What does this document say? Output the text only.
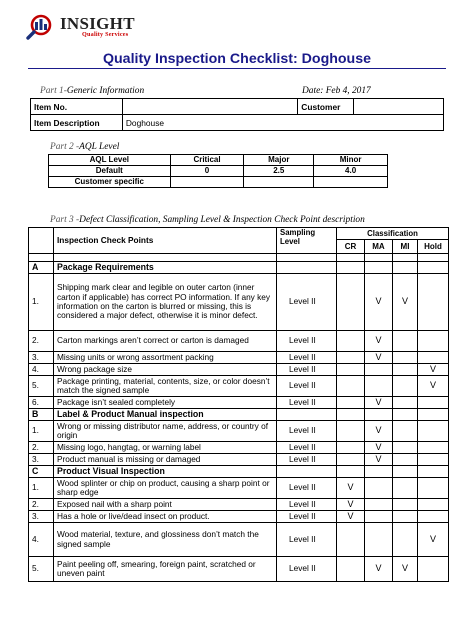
INSIGHT
Quality Services
Quality Inspection Checklist: Doghouse
Part 1-Generic Information	Date: Feb 4, 2017
Item No.		Customer	
Item Description	Doghouse		
Part 2 -AQL Level
AQL Level	Critical	Major	Minor
Default	0	2.5	4.0
Customer specific			
Part 3 -Defect Classification, Sampling Level & Inspection Check Point description
	Inspection Check Points	Sampling Level	Classification			
			CR	MA	MI	Hold

A	Package Requirements					
1.	Shipping mark clear and legible on outer carton (inner carton if applicable) has correct PO information. If any key information on the carton is blurred or missing, this is considered a major defect, otherwise it is minor defect.	Level II		V	V	
2.	Carton markings aren’t correct or carton is damaged	Level II		V		
3.	Missing units or wrong assortment packing	Level II		V		
4.	Wrong package size	Level II				V
5.	Package printing, material, contents, size, or color doesn’t match the signed sample	Level II				V
6.	Package isn’t sealed completely	Level II		V		
B	Label & Product Manual inspection					
1.	Wrong or missing distributor name, address, or country of origin	Level II		V		
2.	Missing logo, hangtag, or warning label	Level II		V		
3.	Product manual is missing or damaged	Level II		V		
C	Product Visual Inspection					
1.	Wood splinter or chip on product, causing a sharp point or sharp edge	Level II	V			
2.	Exposed nail with a sharp point	Level II	V			
3.	Has a hole or live/dead insect on product.	Level II	V			
4.	Wood material, texture, and glossiness don’t match the signed sample	Level II				V
5.	Paint peeling off, smearing, foreign paint, scratched or uneven paint	Level II		V	V	
